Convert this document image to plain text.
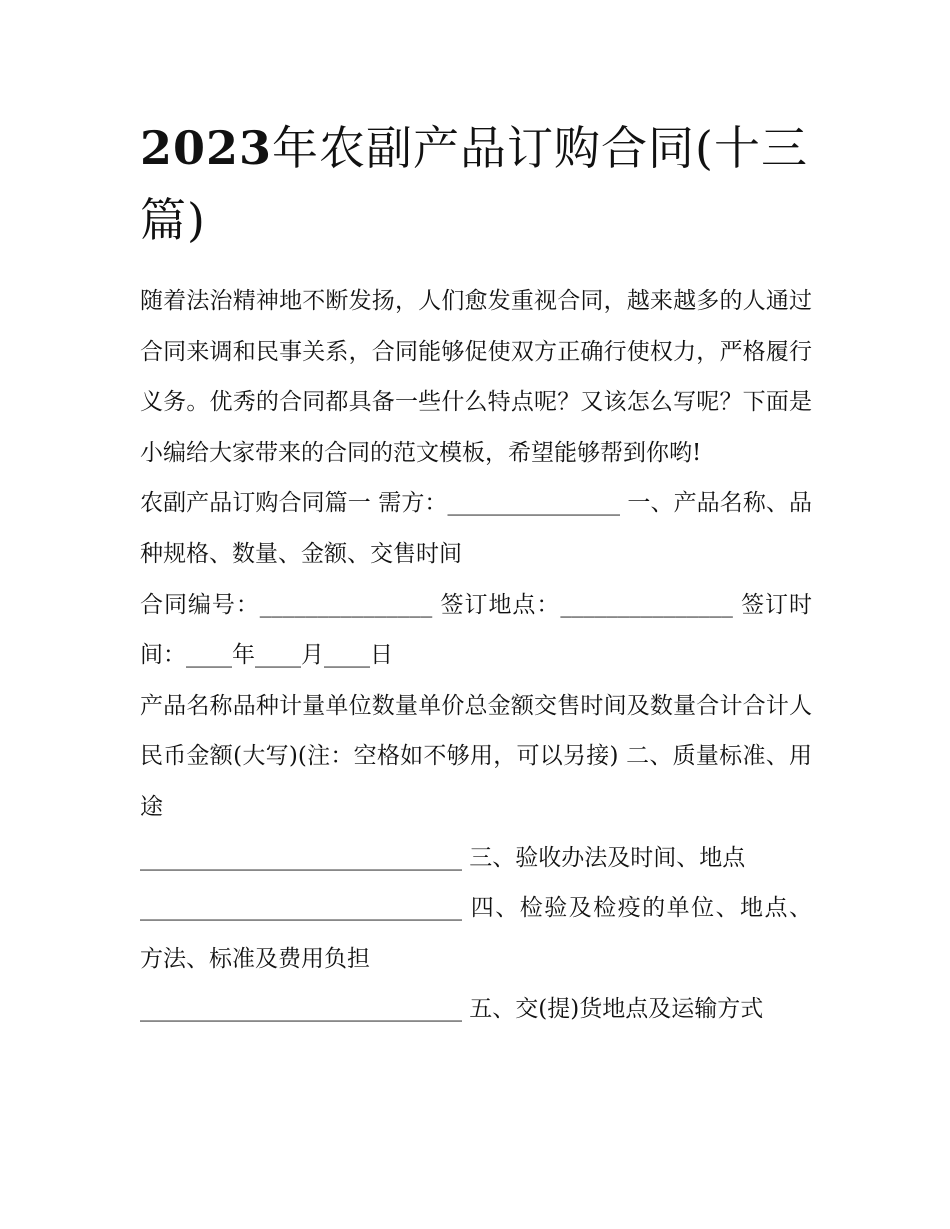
2023年农副产品订购合同(十三篇)

随着法治精神地不断发扬，人们愈发重视合同，越来越多的人通过合同来调和民事关系，合同能够促使双方正确行使权力，严格履行义务。优秀的合同都具备一些什么特点呢？又该怎么写呢？下面是小编给大家带来的合同的范文模板，希望能够帮到你哟!

农副产品订购合同篇一 需方：_______________ 一、产品名称、品种规格、数量、金额、交售时间

合同编号：_______________ 签订地点：_______________ 签订时间：____年____月____日

产品名称品种计量单位数量单价总金额交售时间及数量合计合计人民币金额(大写)(注：空格如不够用，可以另接) 二、质量标准、用途

____________________________ 三、验收办法及时间、地点

____________________________ 四、检验及检疫的单位、地点、方法、标准及费用负担

____________________________ 五、交(提)货地点及运输方式
